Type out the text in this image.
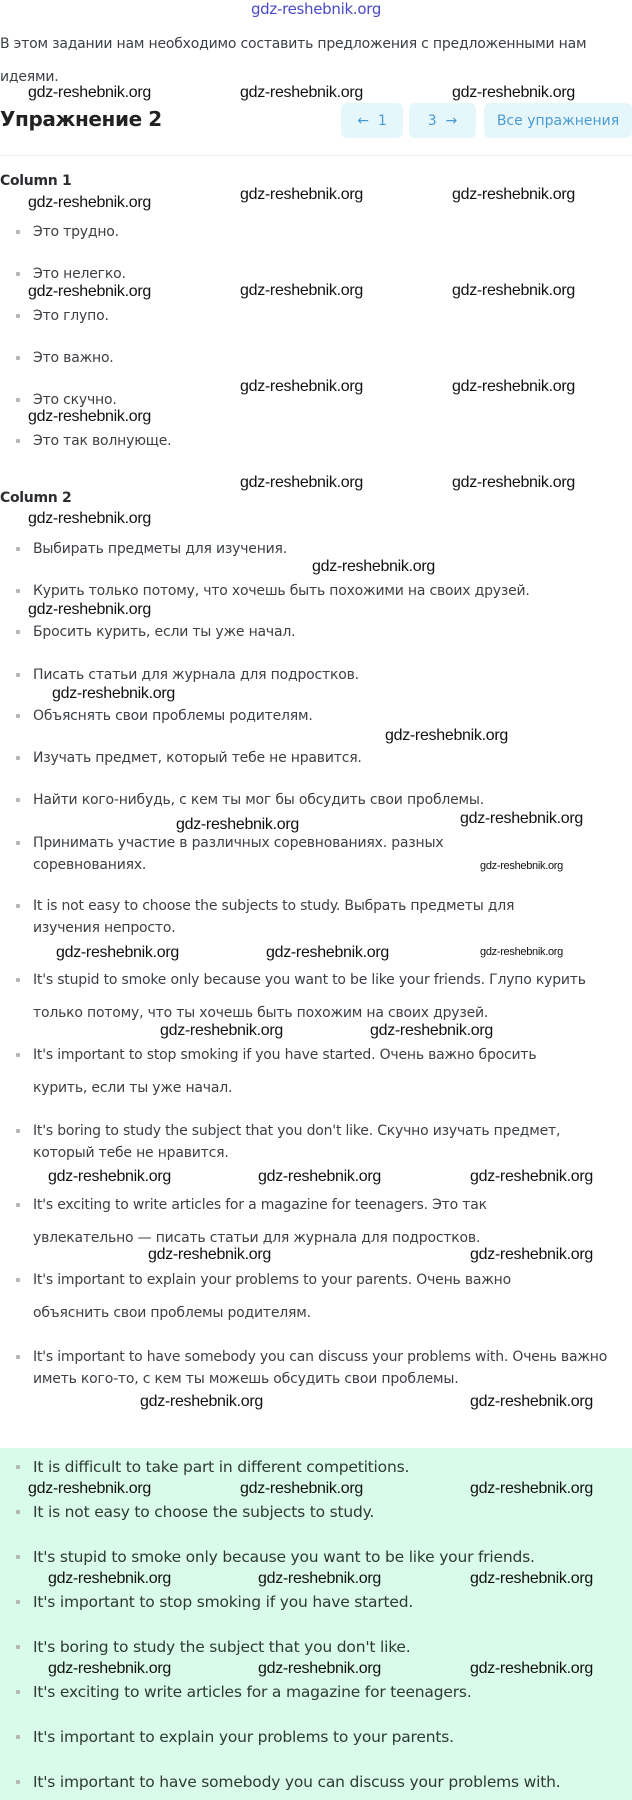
gdz-reshebnik.org

В этом задании нам необходимо составить предложения с предложенными нам идеями.

Упражнение 2	←
1	3
→	Все упражнения
Column 1
Это трудно.
Это нелегко.
Это глупо.
Это важно.
Это скучно.
Это так волнующе.
Column 2
Выбирать предметы для изучения.
Курить только потому, что хочешь быть похожими на своих друзей.
Бросить курить, если ты уже начал.
Писать статьи для журнала для подростков.
Объяснять свои проблемы родителям.
Изучать предмет, который тебе не нравится.
Найти кого-нибудь, с кем ты мог бы обсудить свои проблемы.
Принимать участие в различных соревнованиях. разных соревнованиях.
It is not easy to choose the subjects to study. Выбрать предметы для изучения непросто.
It's stupid to smoke only because you want to be like your friends. Глупо курить только потому, что ты хочешь быть похожим на своих друзей.
It's important to stop smoking if you have started. Очень важно бросить курить, если ты уже начал.
It's boring to study the subject that you don't like. Скучно изучать предмет, который тебе не нравится.
It's exciting to write articles for a magazine for teenagers. Это так увлекательно — писать статьи для журнала для подростков.
It's important to explain your problems to your parents. Очень важно объяснить свои проблемы родителям.
It's important to have somebody you can discuss your problems with. Очень важно иметь кого-то, с кем ты можешь обсудить свои проблемы.
It is difficult to take part in different competitions.
It is not easy to choose the subjects to study.
It's stupid to smoke only because you want to be like your friends.
It's important to stop smoking if you have started.
It's boring to study the subject that you don't like.
It's exciting to write articles for a magazine for teenagers.
It's important to explain your problems to your parents.
It's important to have somebody you can discuss your problems with.
gdz-reshebnik.org	gdz-reshebnik.org	gdz-reshebnik.org
gdz-reshebnik.org	gdz-reshebnik.org	gdz-reshebnik.org
gdz-reshebnik.org	gdz-reshebnik.org	gdz-reshebnik.org
gdz-reshebnik.org
gdz-reshebnik.org	gdz-reshebnik.org
gdz-reshebnik.org	gdz-reshebnik.org
gdz-reshebnik.org
gdz-reshebnik.org
gdz-reshebnik.org
gdz-reshebnik.org
gdz-reshebnik.org
gdz-reshebnik.org
gdz-reshebnik.org
gdz-reshebnik.org
gdz-reshebnik.org	gdz-reshebnik.org	gdz-reshebnik.org
gdz-reshebnik.org	gdz-reshebnik.org
gdz-reshebnik.org	gdz-reshebnik.org	gdz-reshebnik.org
gdz-reshebnik.org	gdz-reshebnik.org
gdz-reshebnik.org	gdz-reshebnik.org
gdz-reshebnik.org
gdz-reshebnik.org	gdz-reshebnik.org
gdz-reshebnik.org	gdz-reshebnik.org	gdz-reshebnik.org
gdz-reshebnik.org	gdz-reshebnik.org	gdz-reshebnik.org
